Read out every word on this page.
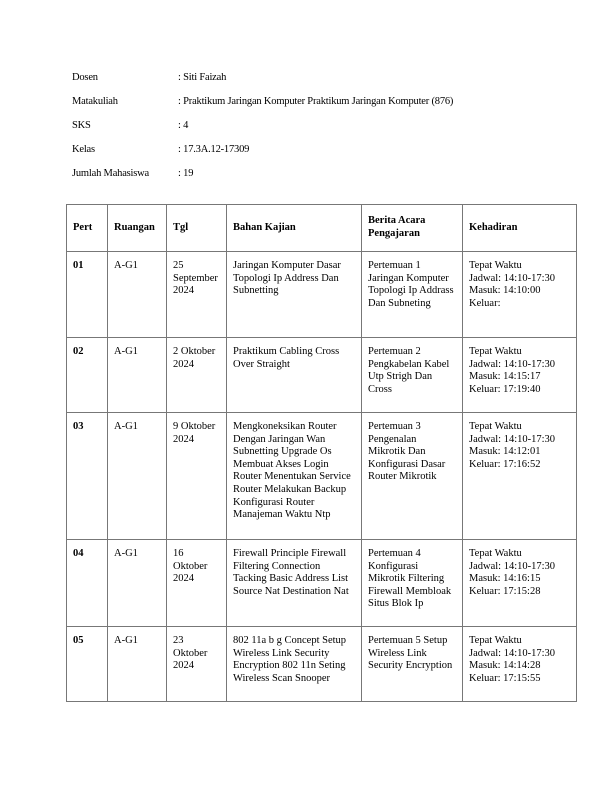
Dosen	: Siti Faizah
Matakuliah	: Praktikum Jaringan Komputer Praktikum Jaringan Komputer (876)
SKS	: 4
Kelas	: 17.3A.12-17309
Jumlah Mahasiswa	: 19
Pert	Ruangan	Tgl	Bahan Kajian	Berita Acara Pengajaran	Kehadiran
01	A-G1	25 September 2024	Jaringan Komputer Dasar Topologi Ip Address Dan Subnetting	Pertemuan 1 Jaringan Komputer Topologi Ip Addrass Dan Subneting	Tepat Waktu
Jadwal: 14:10-17:30
Masuk: 14:10:00
Keluar:

02	A-G1	2 Oktober 2024	Praktikum Cabling Cross Over Straight	Pertemuan 2 Pengkabelan Kabel Utp Strigh Dan Cross	Tepat Waktu
Jadwal: 14:10-17:30
Masuk: 14:15:17
Keluar: 17:19:40

03	A-G1	9 Oktober 2024	Mengkoneksikan Router Dengan Jaringan Wan Subnetting Upgrade Os Membuat Akses Login Router Menentukan Service Router Melakukan Backup Konfigurasi Router Manajeman Waktu Ntp	Pertemuan 3 Pengenalan Mikrotik Dan Konfigurasi Dasar Router Mikrotik	Tepat Waktu
Jadwal: 14:10-17:30
Masuk: 14:12:01
Keluar: 17:16:52

04	A-G1	16 Oktober 2024	Firewall Principle Firewall Filtering Connection Tacking Basic Address List Source Nat Destination Nat	Pertemuan 4 Konfigurasi Mikrotik Filtering Firewall Membloak Situs Blok Ip	Tepat Waktu
Jadwal: 14:10-17:30
Masuk: 14:16:15
Keluar: 17:15:28

05	A-G1	23 Oktober 2024	802 11a b g Concept Setup Wireless Link Security Encryption 802 11n Seting Wireless Scan Snooper	Pertemuan 5 Setup Wireless Link Security Encryption	Tepat Waktu
Jadwal: 14:10-17:30
Masuk: 14:14:28
Keluar: 17:15:55
